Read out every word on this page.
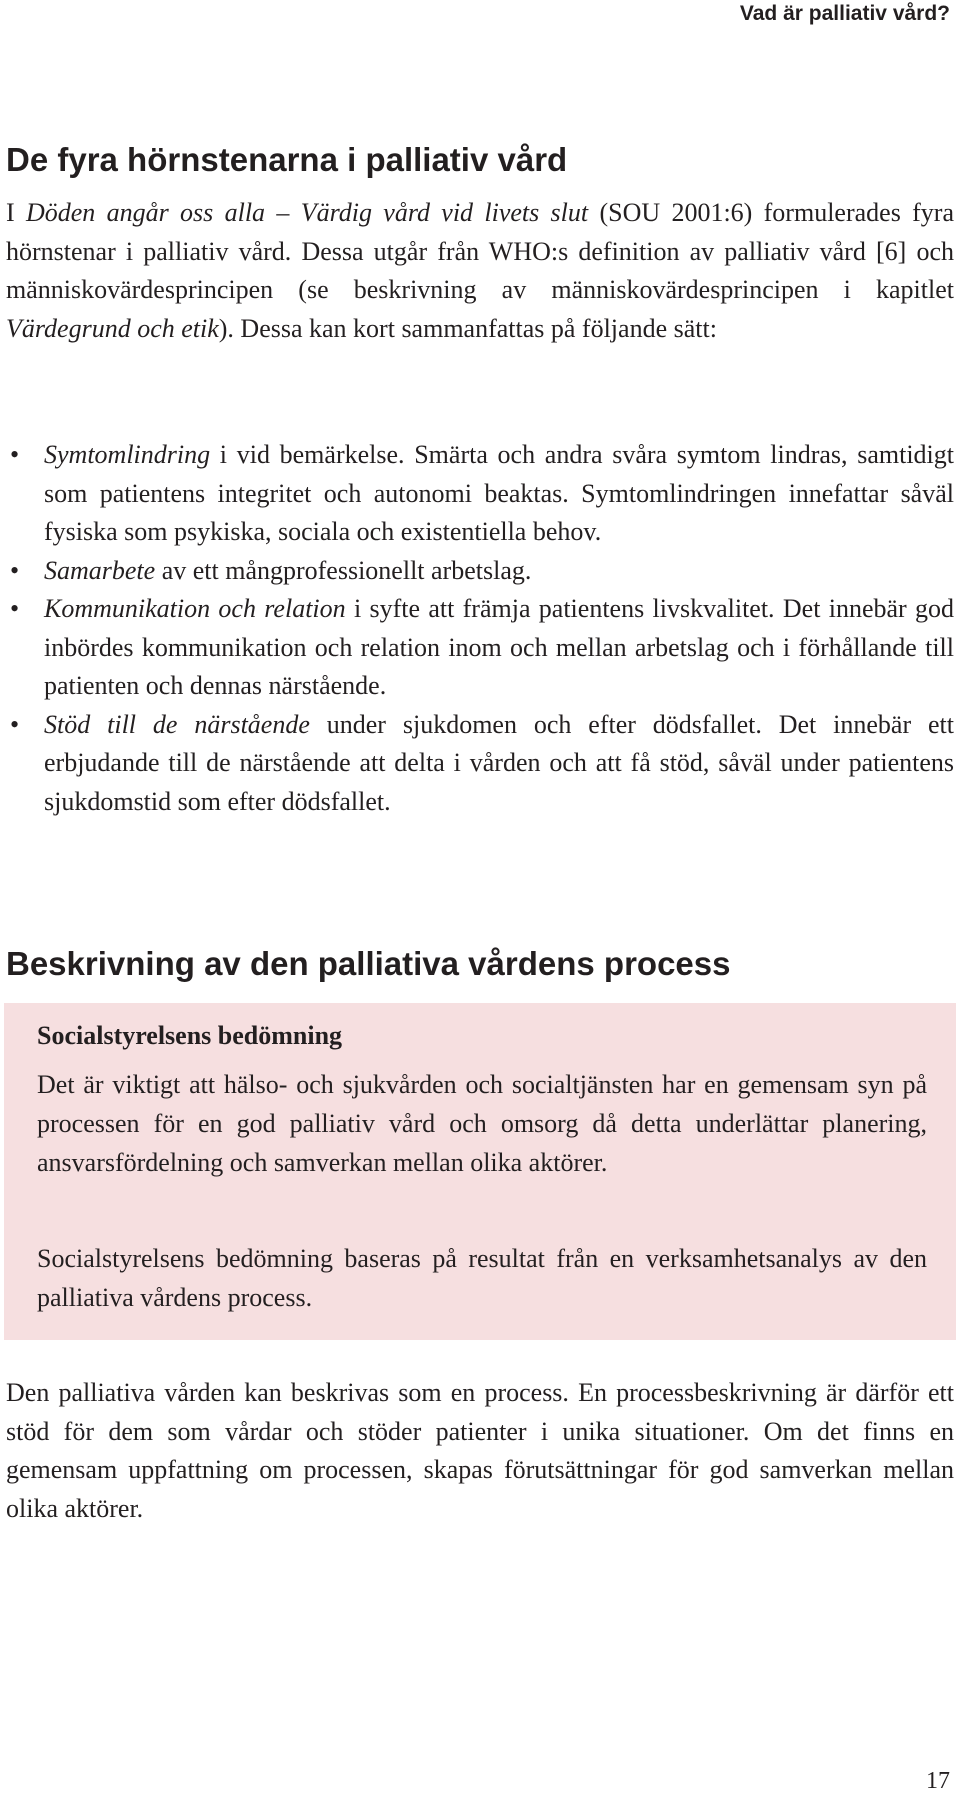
Vad är palliativ vård?
De fyra hörnstenarna i palliativ vård

I Döden angår oss alla – Värdig vård vid livets slut (SOU 2001:6) formulerades fyra hörnstenar i palliativ vård. Dessa utgår från WHO:s definition av palliativ vård [6] och människovärdesprincipen (se beskrivning av människovärdesprincipen i kapitlet Värdegrund och etik). Dessa kan kort sammanfattas på följande sätt:

• Symtomlindring i vid bemärkelse. Smärta och andra svåra symtom lindras, samtidigt som patientens integritet och autonomi beaktas. Symtomlindringen innefattar såväl fysiska som psykiska, sociala och existentiella behov.
• Samarbete av ett mångprofessionellt arbetslag.
• Kommunikation och relation i syfte att främja patientens livskvalitet. Det innebär god inbördes kommunikation och relation inom och mellan arbetslag och i förhållande till patienten och dennas närstående.
• Stöd till de närstående under sjukdomen och efter dödsfallet. Det innebär ett erbjudande till de närstående att delta i vården och att få stöd, såväl under patientens sjukdomstid som efter dödsfallet.
Beskrivning av den palliativa vårdens process

Socialstyrelsens bedömning

Det är viktigt att hälso- och sjukvården och socialtjänsten har en gemensam syn på processen för en god palliativ vård och omsorg då detta underlättar planering, ansvarsfördelning och samverkan mellan olika aktörer.

Socialstyrelsens bedömning baseras på resultat från en verksamhetsanalys av den palliativa vårdens process.

Den palliativa vården kan beskrivas som en process. En processbeskrivning är därför ett stöd för dem som vårdar och stöder patienter i unika situationer. Om det finns en gemensam uppfattning om processen, skapas förutsättningar för god samverkan mellan olika aktörer.

17
